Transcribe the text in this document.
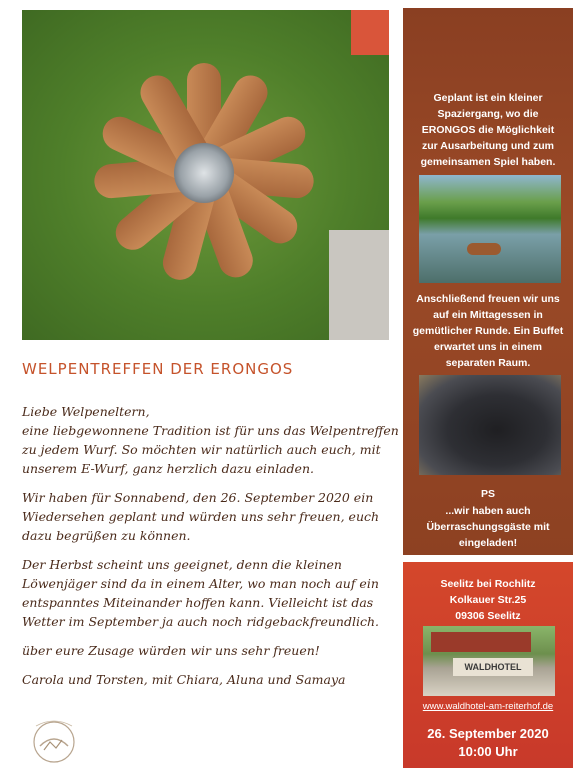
WELPENTREFFEN DER ERONGOS

Liebe Welpeneltern,

eine liebgewonnene Tradition ist für uns das Welpentreffen zu jedem Wurf. So möchten wir natürlich auch euch, mit unserem E-Wurf, ganz herzlich dazu einladen.

Wir haben für Sonnabend, den 26. September 2020 ein Wiedersehen geplant und würden uns sehr freuen, euch dazu begrüßen zu können.

Der Herbst scheint uns geeignet, denn die kleinen Löwenjäger sind da in einem Alter, wo man noch auf ein entspanntes Miteinander hoffen kann. Vielleicht ist das Wetter im September ja auch noch ridgebackfreundlich.

über eure Zusage würden wir uns sehr freuen!

Carola und Torsten, mit Chiara, Aluna und Samaya

Geplant ist ein kleiner Spaziergang, wo die ERONGOS die Möglichkeit zur Ausarbeitung und zum gemeinsamen Spiel haben.
Anschließend freuen wir uns auf ein Mittagessen in gemütlicher Runde. Ein Buffet erwartet uns in einem separaten Raum.
PS
...wir haben auch Überraschungsgäste mit eingeladen!
Seelitz bei Rochlitz
Kolkauer Str.25
09306 Seelitz
WALDHOTEL
www.waldhotel-am-reiterhof.de
26. September 2020
10:00 Uhr
